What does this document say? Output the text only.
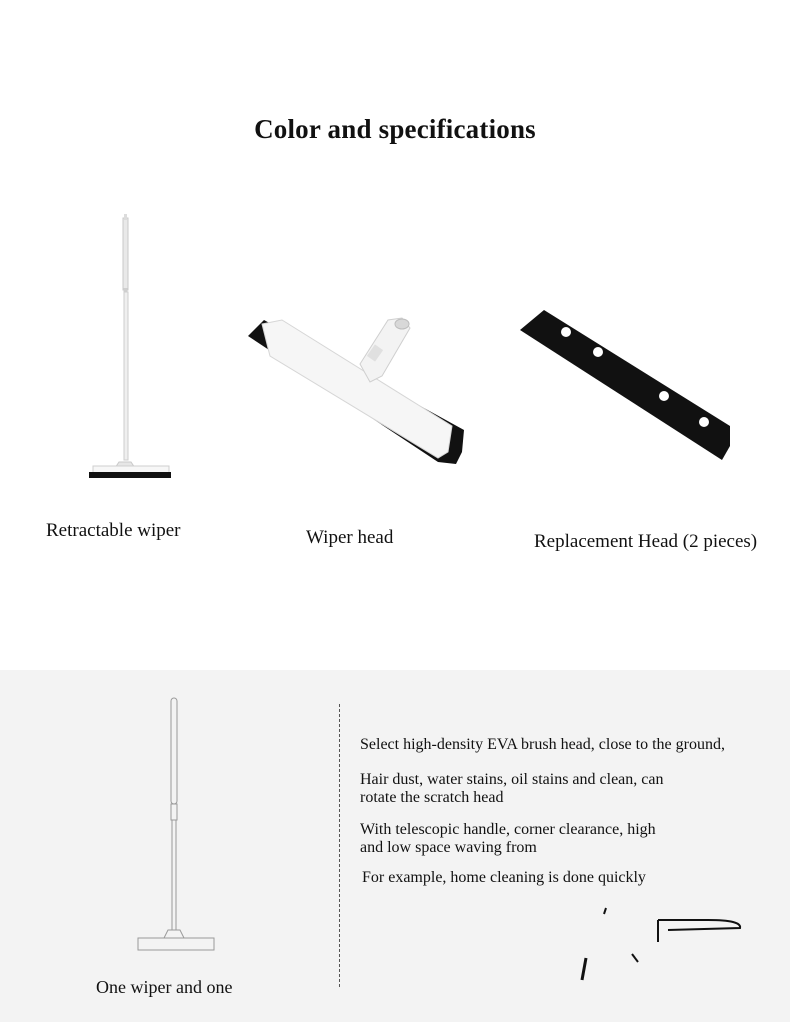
Color and specifications
Retractable wiper	Wiper head	Replacement Head (2 pieces)
Select high-density EVA brush head, close to the ground,
Hair dust, water stains, oil stains and clean, can
rotate the scratch head
With telescopic handle, corner clearance, high
and low space waving from
For example, home cleaning is done quickly
One wiper and one
